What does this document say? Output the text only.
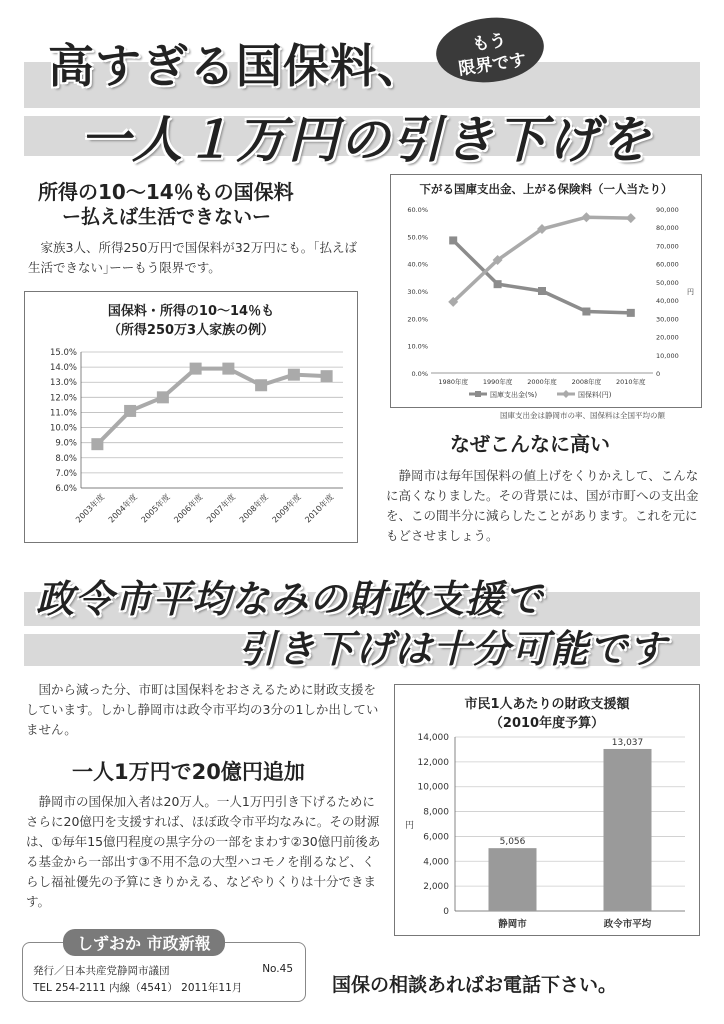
高すぎる国保料、	もう
限界です
一人１万円の引き下げを
所得の10～14％もの国保料
ー払えば生活できないー
家族3人、所得250万円で国保料が32万円にも。｢払えば生活できない｣ーーもう限界です。
国保料・所得の10～14％も
（所得250万3人家族の例）
6.0%
7.0%
8.0%
9.0%
10.0%
11.0%
12.0%
13.0%
14.0%
15.0%
2003年度 2004年度 2005年度 2006年度 2007年度 2008年度 2009年度 2010年度
下がる国庫支出金、上がる保険料（一人当たり）
0.0%
10.0%
20.0%
30.0%
40.0%
50.0%
60.0%
0
10,000
20,000
30,000
40,000
50,000
60,000
70,000
80,000
90,000
円
1980年度 1990年度 2000年度 2008年度 2010年度
国庫支出金(%)	国保料(円)
国庫支出金は静岡市の率、国保料は全国平均の額
なぜこんなに高い
静岡市は毎年国保料の値上げをくりかえして、こんなに高くなりました。その背景には、国が市町への支出金を、この間半分に減らしたことがあります。これを元にもどさせましょう。
政令市平均なみの財政支援で
引き下げは十分可能です
国から減った分、市町は国保料をおさえるために財政支援をしています。しかし静岡市は政令市平均の3分の1しか出していません。
一人1万円で20億円追加
静岡市の国保加入者は20万人。一人1万円引き下げるためにさらに20億円を支援すれば、ほぼ政令市平均なみに。その財源は、①毎年15億円程度の黒字分の一部をまわす②30億円前後ある基金から一部出す③不用不急の大型ハコモノを削るなど、くらし福祉優先の予算にきりかえる、などやりくりは十分できます。
市民1人あたりの財政支援額
（2010年度予算）
0
2,000
4,000
6,000
8,000
10,000
12,000
14,000
円
5,056
静岡市
13,037
政令市平均
しずおか 市政新報
発行／日本共産党静岡市議団	No.45
TEL 254-2111 内線（4541） 2011年11月	国保の相談あればお電話下さい。
